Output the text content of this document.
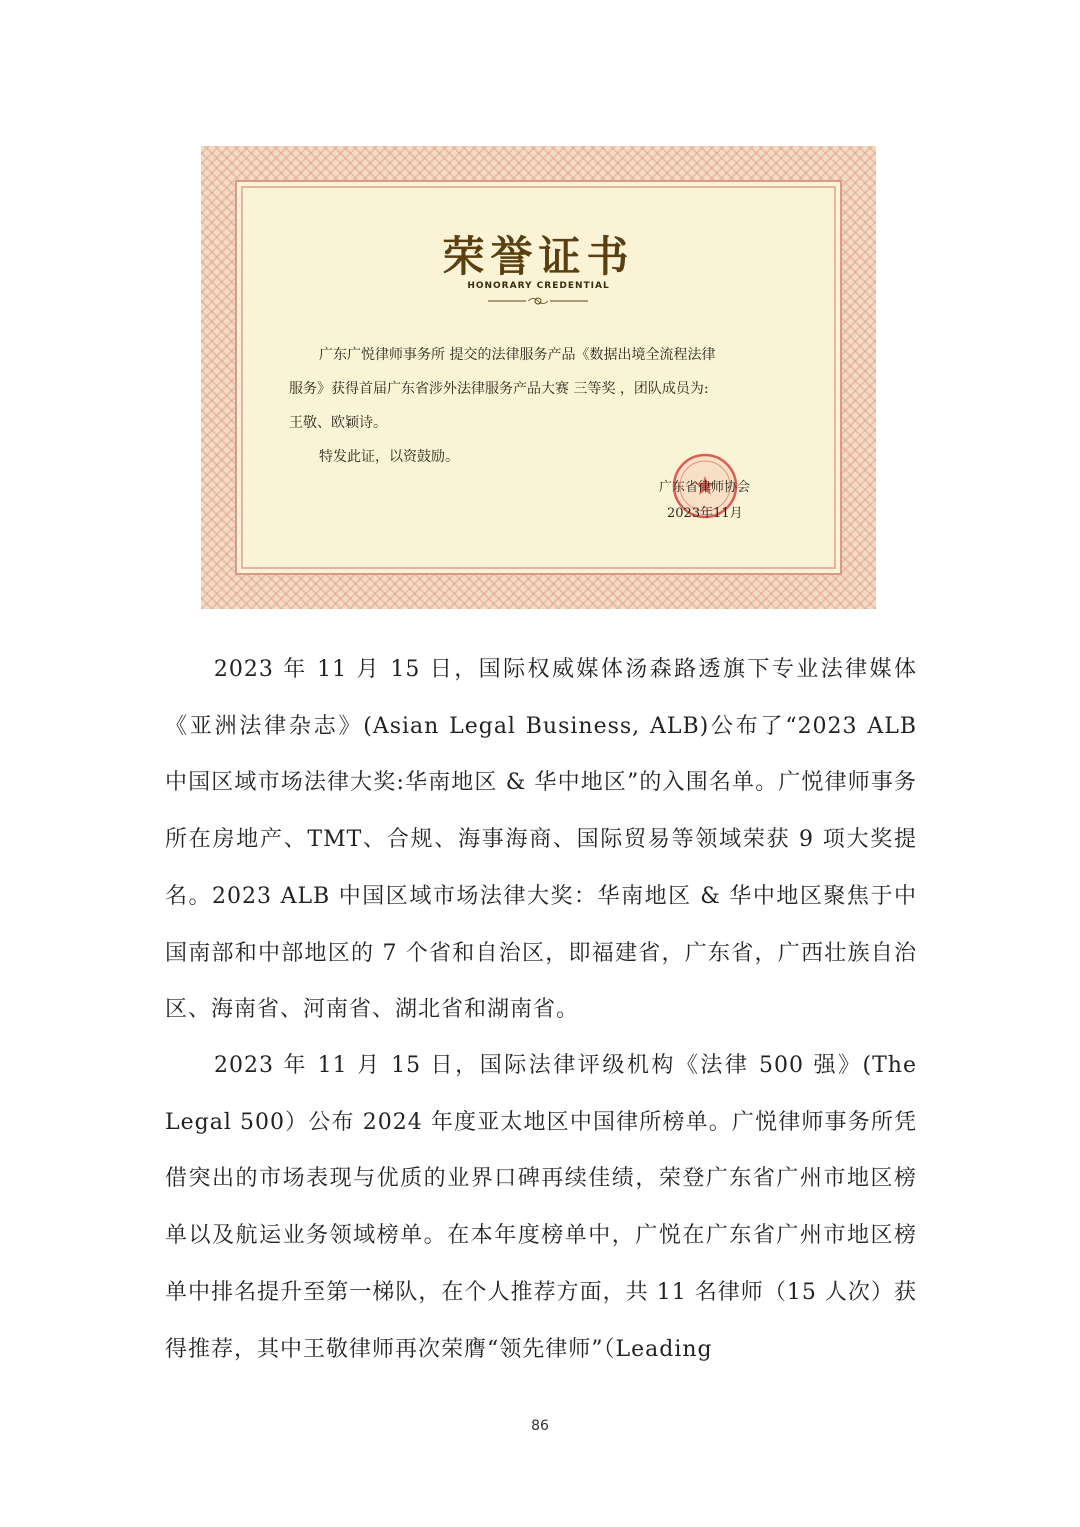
荣誉证书
HONORARY CREDENTIAL

广东广悦律师事务所 提交的法律服务产品《数据出境全流程法律

服务》获得首届广东省涉外法律服务产品大赛 三等奖 ，团队成员为:

王敬、欧颖诗。

特发此证，以资鼓励。

广东省律师协会
2023年11月

　　2023 年 11 月 15 日，国际权威媒体汤森路透旗下专业法律媒体《亚洲法律杂志》(Asian Legal Business, ALB)公布了“2023 ALB 中国区域市场法律大奖:华南地区 & 华中地区”的入围名单。广悦律师事务所在房地产、TMT、合规、海事海商、国际贸易等领域荣获 9 项大奖提名。2023 ALB 中国区域市场法律大奖：华南地区 & 华中地区聚焦于中国南部和中部地区的 7 个省和自治区，即福建省，广东省，广西壮族自治区、海南省、河南省、湖北省和湖南省。

　　2023 年 11 月 15 日，国际法律评级机构《法律 500 强》(The Legal 500）公布 2024 年度亚太地区中国律所榜单。广悦律师事务所凭借突出的市场表现与优质的业界口碑再续佳绩，荣登广东省广州市地区榜单以及航运业务领域榜单。在本年度榜单中，广悦在广东省广州市地区榜单中排名提升至第一梯队，在个人推荐方面，共 11 名律师（15 人次）获得推荐，其中王敬律师再次荣膺“领先律师”（Leading

86
